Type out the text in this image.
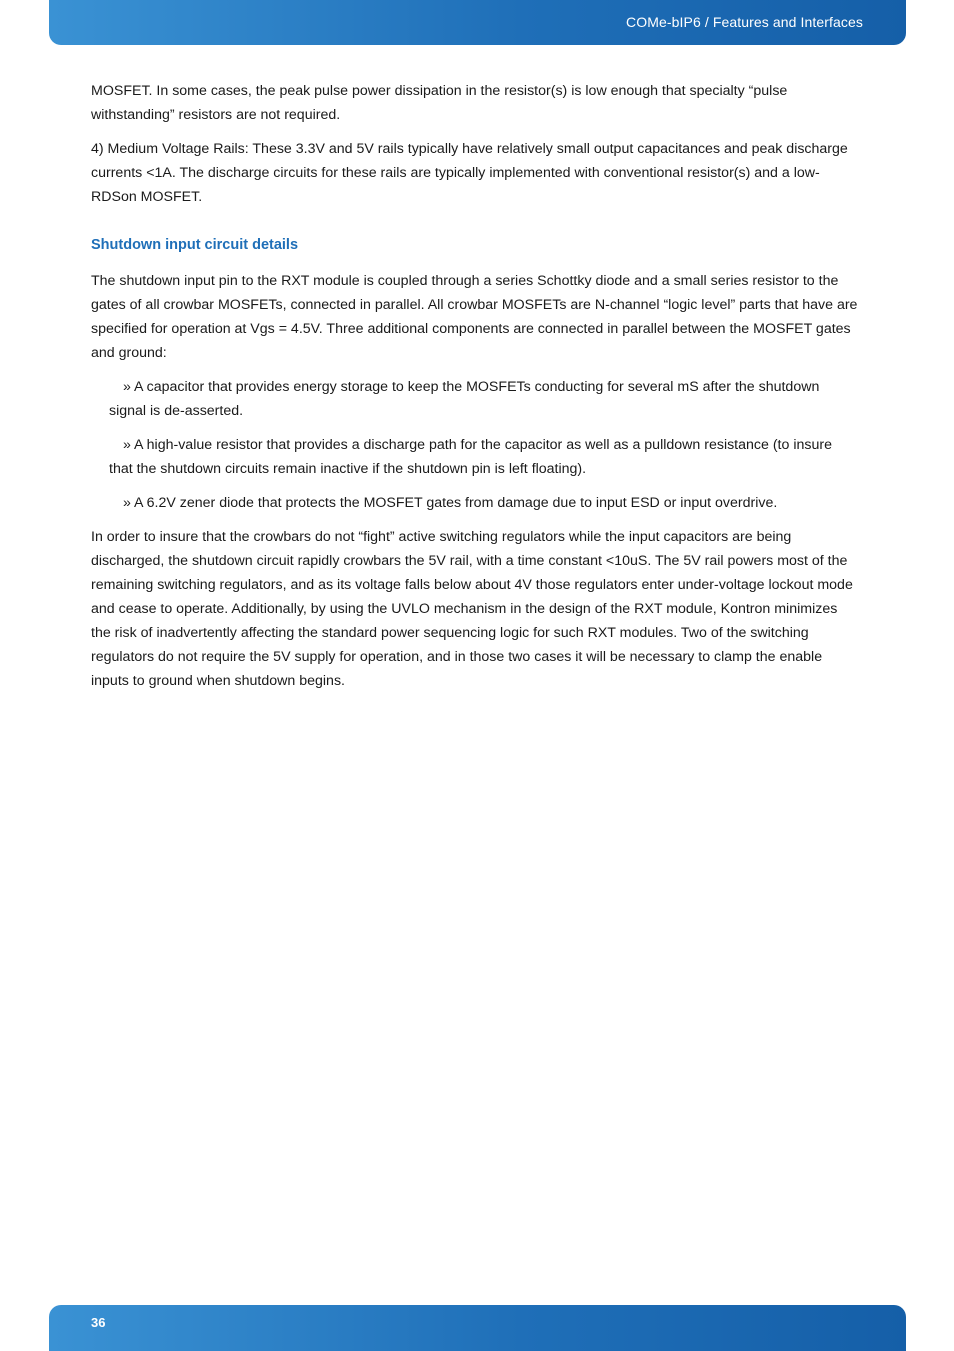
COMe-bIP6 / Features and Interfaces

MOSFET. In some cases, the peak pulse power dissipation in the resistor(s) is low enough that specialty “pulse withstanding” resistors are not required.

4) Medium Voltage Rails: These 3.3V and 5V rails typically have relatively small output capacitances and peak discharge currents <1A. The discharge circuits for these rails are typically implemented with conventional resistor(s) and a low-RDSon MOSFET.

Shutdown input circuit details

The shutdown input pin to the RXT module is coupled through a series Schottky diode and a small series resistor to the gates of all crowbar MOSFETs, connected in parallel. All crowbar MOSFETs are N-channel “logic level” parts that have are specified for operation at Vgs = 4.5V. Three additional components are connected in parallel between the MOSFET gates and ground:

» A capacitor that provides energy storage to keep the MOSFETs conducting for several mS after the shutdown signal is de-asserted.

» A high-value resistor that provides a discharge path for the capacitor as well as a pulldown resistance (to insure that the shutdown circuits remain inactive if the shutdown pin is left floating).

» A 6.2V zener diode that protects the MOSFET gates from damage due to input ESD or input overdrive.

In order to insure that the crowbars do not “fight” active switching regulators while the input capacitors are being discharged, the shutdown circuit rapidly crowbars the 5V rail, with a time constant <10uS. The 5V rail powers most of the remaining switching regulators, and as its voltage falls below about 4V those regulators enter under-voltage lockout mode and cease to operate. Additionally, by using the UVLO mechanism in the design of the RXT module, Kontron minimizes the risk of inadvertently affecting the standard power sequencing logic for such RXT modules. Two of the switching regulators do not require the 5V supply for operation, and in those two cases it will be necessary to clamp the enable inputs to ground when shutdown begins.

36
